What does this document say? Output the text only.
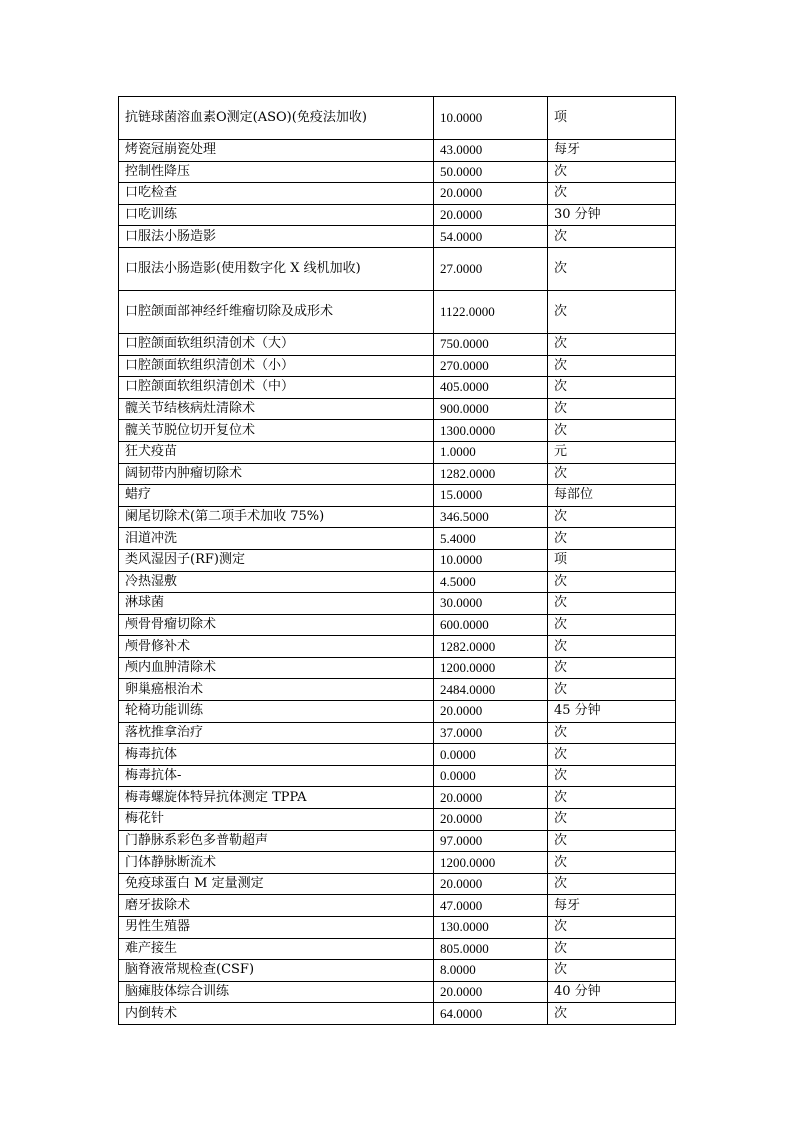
抗链球菌溶血素O测定(ASO)(免疫法加收)	10.0000	项
烤瓷冠崩瓷处理	43.0000	每牙
控制性降压	50.0000	次
口吃检查	20.0000	次
口吃训练	20.0000	30 分钟
口服法小肠造影	54.0000	次
口服法小肠造影(使用数字化 X 线机加收)	27.0000	次
口腔颌面部神经纤维瘤切除及成形术	1122.0000	次
口腔颌面软组织清创术（大）	750.0000	次
口腔颌面软组织清创术（小）	270.0000	次
口腔颌面软组织清创术（中）	405.0000	次
髋关节结核病灶清除术	900.0000	次
髋关节脱位切开复位术	1300.0000	次
狂犬疫苗	1.0000	元
阔韧带内肿瘤切除术	1282.0000	次
蜡疗	15.0000	每部位
阑尾切除术(第二项手术加收 75%)	346.5000	次
泪道冲洗	5.4000	次
类风湿因子(RF)测定	10.0000	项
冷热湿敷	4.5000	次
淋球菌	30.0000	次
颅骨骨瘤切除术	600.0000	次
颅骨修补术	1282.0000	次
颅内血肿清除术	1200.0000	次
卵巢癌根治术	2484.0000	次
轮椅功能训练	20.0000	45 分钟
落枕推拿治疗	37.0000	次
梅毒抗体	0.0000	次
梅毒抗体-	0.0000	次
梅毒螺旋体特异抗体测定 TPPA	20.0000	次
梅花针	20.0000	次
门静脉系彩色多普勒超声	97.0000	次
门体静脉断流术	1200.0000	次
免疫球蛋白 M 定量测定	20.0000	次
磨牙拔除术	47.0000	每牙
男性生殖器	130.0000	次
难产接生	805.0000	次
脑脊液常规检查(CSF)	8.0000	次
脑瘫肢体综合训练	20.0000	40 分钟
内倒转术	64.0000	次
